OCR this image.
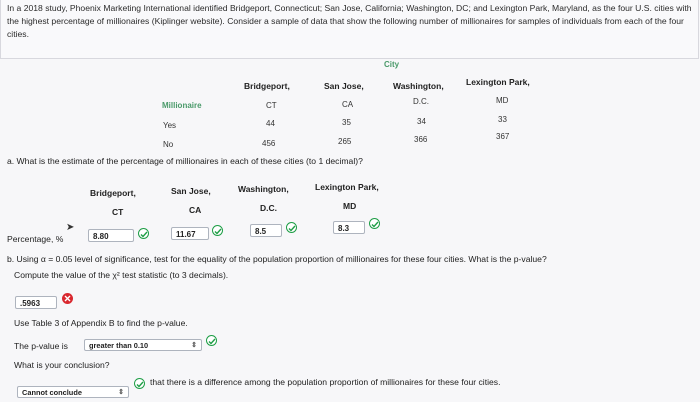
In a 2018 study, Phoenix Marketing International identified Bridgeport, Connecticut; San Jose, California; Washington, DC; and Lexington Park, Maryland, as the four U.S. cities with the highest percentage of millionaires (Kiplinger website). Consider a sample of data that show the following number of millionaires for samples of individuals from each of the four cities.
City
Bridgeport,	San Jose,	Washington,	Lexington Park,
Millionaire	CT	CA	D.C.	MD
Yes	44	35	34	33
No	456	265	366	367
a. What is the estimate of the percentage of millionaires in each of these cities (to 1 decimal)?
Bridgeport,	San Jose,	Washington,	Lexington Park,
CT	CA	D.C.	MD
➤
Percentage, %	8.80	11.67	8.5	8.3
b. Using α = 0.05 level of significance, test for the equality of the population proportion of millionaires for these four cities. What is the p-value?
Compute the value of the χ² test statistic (to 3 decimals).
.5963
Use Table 3 of Appendix B to find the p-value.
The p-value is	greater than 0.10	⇕
What is your conclusion?
Cannot conclude	⇕
that there is a difference among the population proportion of millionaires for these four cities.
